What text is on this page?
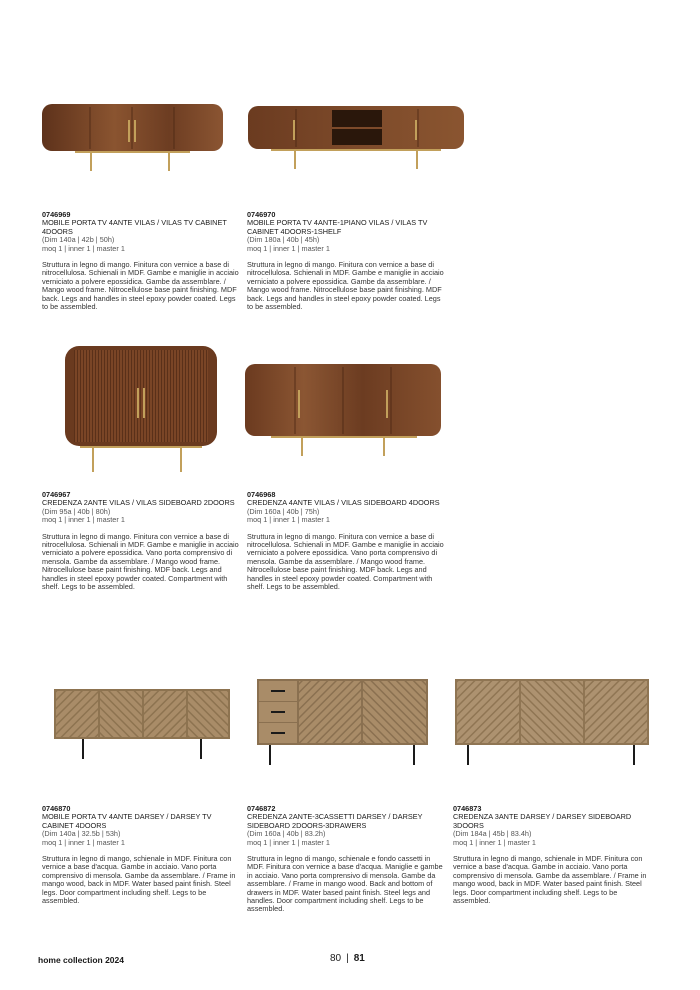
0746969
MOBILE PORTA TV 4ANTE VILAS / VILAS TV CABINET 4DOORS
(Dim 140a | 42b | 50h)
moq 1 | inner 1 | master 1
Struttura in legno di mango. Finitura con vernice a base di nitrocellulosa. Schienali in MDF. Gambe e maniglie in acciaio verniciato a polvere epossidica. Gambe da assemblare. / Mango wood frame. Nitrocellulose base paint finishing. MDF back. Legs and handles in steel epoxy powder coated. Legs to be assembled.
0746970
MOBILE PORTA TV 4ANTE-1PIANO VILAS / VILAS TV CABINET 4DOORS-1SHELF
(Dim 180a | 40b | 45h)
moq 1 | inner 1 | master 1
Struttura in legno di mango. Finitura con vernice a base di nitrocellulosa. Schienali in MDF. Gambe e maniglie in acciaio verniciato a polvere epossidica. Gambe da assemblare. / Mango wood frame. Nitrocellulose base paint finishing. MDF back. Legs and handles in steel epoxy powder coated. Legs to be assembled.
0746967
CREDENZA 2ANTE VILAS / VILAS SIDEBOARD 2DOORS
(Dim 95a | 40b | 80h)
moq 1 | inner 1 | master 1
Struttura in legno di mango. Finitura con vernice a base di nitrocellulosa. Schienali in MDF. Gambe e maniglie in acciaio verniciato a polvere epossidica. Vano porta comprensivo di mensola. Gambe da assemblare. / Mango wood frame. Nitrocellulose base paint finishing. MDF back. Legs and handles in steel epoxy powder coated. Compartment with shelf. Legs to be assembled.
0746968
CREDENZA 4ANTE VILAS / VILAS SIDEBOARD 4DOORS
(Dim 160a | 40b | 75h)
moq 1 | inner 1 | master 1
Struttura in legno di mango. Finitura con vernice a base di nitrocellulosa. Schienali in MDF. Gambe e maniglie in acciaio verniciato a polvere epossidica. Vano porta comprensivo di mensola. Gambe da assemblare. / Mango wood frame. Nitrocellulose base paint finishing. MDF back. Legs and handles in steel epoxy powder coated. Compartment with shelf. Legs to be assembled.
0746870
MOBILE PORTA TV 4ANTE DARSEY / DARSEY TV CABINET 4DOORS
(Dim 140a | 32.5b | 53h)
moq 1 | inner 1 | master 1
Struttura in legno di mango, schienale in MDF. Finitura con vernice a base d'acqua. Gambe in acciaio. Vano porta comprensivo di mensola. Gambe da assemblare. / Frame in mango wood, back in MDF. Water based paint finish. Steel legs. Door compartment including shelf. Legs to be assembled.
0746872
CREDENZA 2ANTE-3CASSETTI DARSEY / DARSEY SIDEBOARD 2DOORS-3DRAWERS
(Dim 160a | 40b | 83.2h)
moq 1 | inner 1 | master 1
Struttura in legno di mango, schienale e fondo cassetti in MDF. Finitura con vernice a base d'acqua. Maniglie e gambe in acciaio. Vano porta comprensivo di mensola. Gambe da assemblare. / Frame in mango wood. Back and bottom of drawers in MDF. Water based paint finish. Steel legs and handles. Door compartment including shelf. Legs to be assembled.
0746873
CREDENZA 3ANTE DARSEY / DARSEY SIDEBOARD 3DOORS
(Dim 184a | 45b | 83.4h)
moq 1 | inner 1 | master 1
Struttura in legno di mango, schienale in MDF. Finitura con vernice a base d'acqua. Gambe in acciaio. Vano porta comprensivo di mensola. Gambe da assemblare. / Frame in mango wood, back in MDF. Water based paint finish. Steel legs. Door compartment including shelf. Legs to be assembled.
home collection 2024	80 | 81
